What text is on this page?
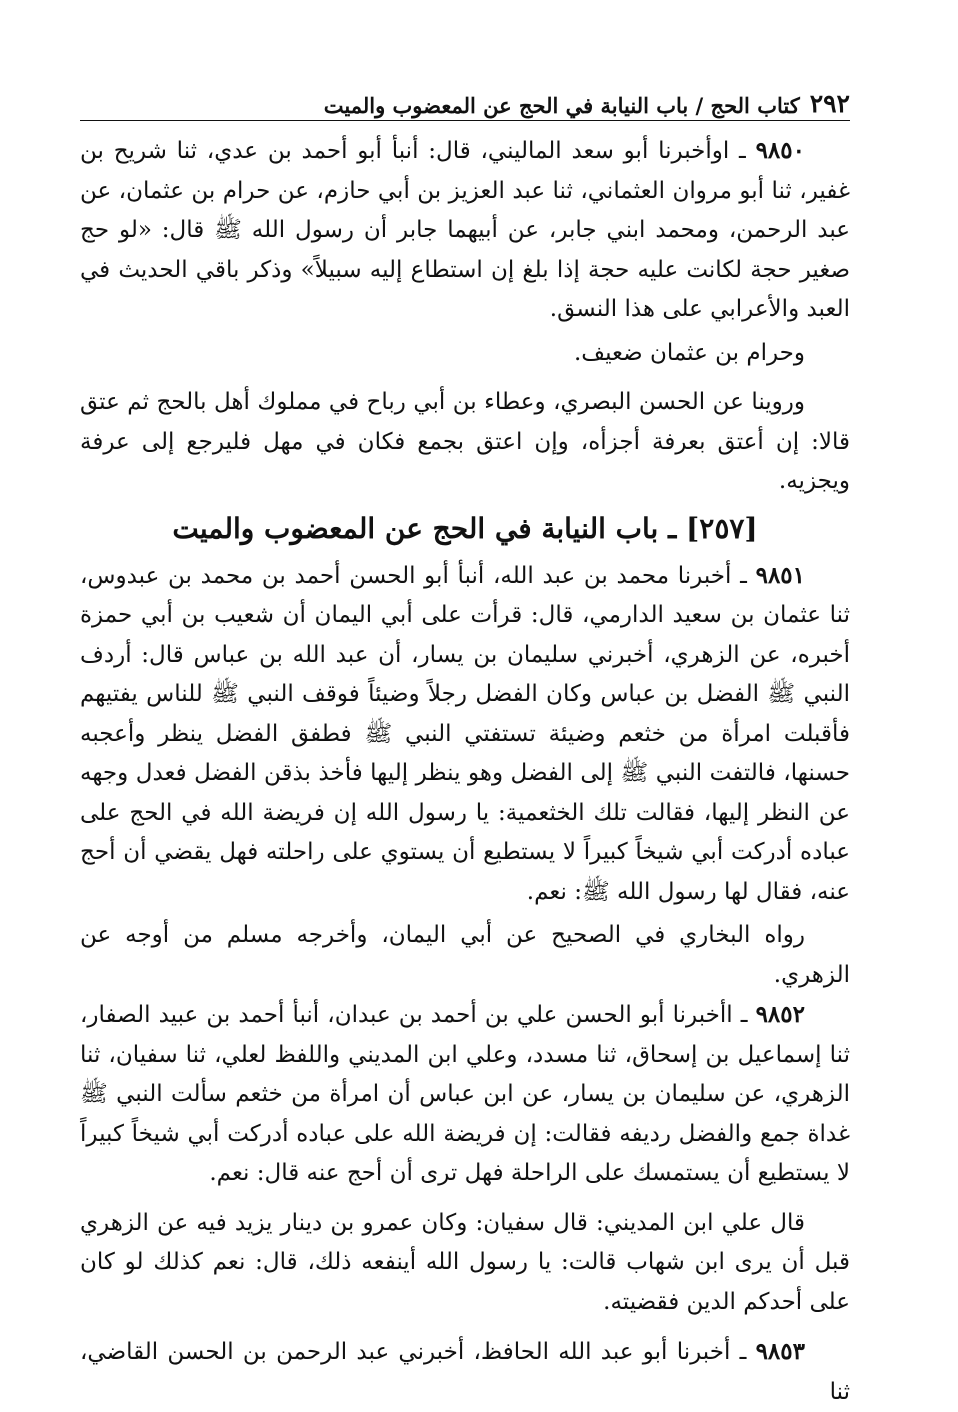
٢٩٢
كتاب الحج / باب النيابة في الحج عن المعضوب والميت

٩٨٥٠ ـ اوأخبرنا أبو سعد الماليني، قال: أنبأ أبو أحمد بن عدي، ثنا شريح بن غفير، ثنا أبو مروان العثماني، ثنا عبد العزيز بن أبي حازم، عن حرام بن عثمان، عن عبد الرحمن، ومحمد ابني جابر، عن أبيهما جابر أن رسول الله ﷺ قال: «لو حج صغير حجة لكانت عليه حجة إذا بلغ إن استطاع إليه سبيلاً» وذكر باقي الحديث في العبد والأعرابي على هذا النسق.

وحرام بن عثمان ضعيف.

وروينا عن الحسن البصري، وعطاء بن أبي رباح في مملوك أهل بالحج ثم عتق قالا: إن أعتق بعرفة أجزأه، وإن اعتق بجمع فكان في مهل فليرجع إلى عرفة ويجزيه.

[٢٥٧] ـ باب النيابة في الحج عن المعضوب والميت

٩٨٥١ ـ أخبرنا محمد بن عبد الله، أنبأ أبو الحسن أحمد بن محمد بن عبدوس، ثنا عثمان بن سعيد الدارمي، قال: قرأت على أبي اليمان أن شعيب بن أبي حمزة أخبره، عن الزهري، أخبرني سليمان بن يسار، أن عبد الله بن عباس قال: أردف النبي ﷺ الفضل بن عباس وكان الفضل رجلاً وضيئاً فوقف النبي ﷺ للناس يفتيهم فأقبلت امرأة من خثعم وضيئة تستفتي النبي ﷺ فطفق الفضل ينظر وأعجبه حسنها، فالتفت النبي ﷺ إلى الفضل وهو ينظر إليها فأخذ بذقن الفضل فعدل وجهه عن النظر إليها، فقالت تلك الخثعمية: يا رسول الله إن فريضة الله في الحج على عباده أدركت أبي شيخاً كبيراً لا يستطيع أن يستوي على راحلته فهل يقضي أن أحج عنه، فقال لها رسول الله ﷺ: نعم.

رواه البخاري في الصحيح عن أبي اليمان، وأخرجه مسلم من أوجه عن الزهري.

٩٨٥٢ ـ اأخبرنا أبو الحسن علي بن أحمد بن عبدان، أنبأ أحمد بن عبيد الصفار، ثنا إسماعيل بن إسحاق، ثنا مسدد، وعلي ابن المديني واللفظ لعلي، ثنا سفيان، ثنا الزهري، عن سليمان بن يسار، عن ابن عباس أن امرأة من خثعم سألت النبي ﷺ غداة جمع والفضل رديفه فقالت: إن فريضة الله على عباده أدركت أبي شيخاً كبيراً لا يستطيع أن يستمسك على الراحلة فهل ترى أن أحج عنه قال: نعم.

قال علي ابن المديني: قال سفيان: وكان عمرو بن دينار يزيد فيه عن الزهري قبل أن يرى ابن شهاب قالت: يا رسول الله أينفعه ذلك، قال: نعم كذلك لو كان على أحدكم الدين فقضيته.

٩٨٥٣ ـ أخبرنا أبو عبد الله الحافظ، أخبرني عبد الرحمن بن الحسن القاضي، ثنا
